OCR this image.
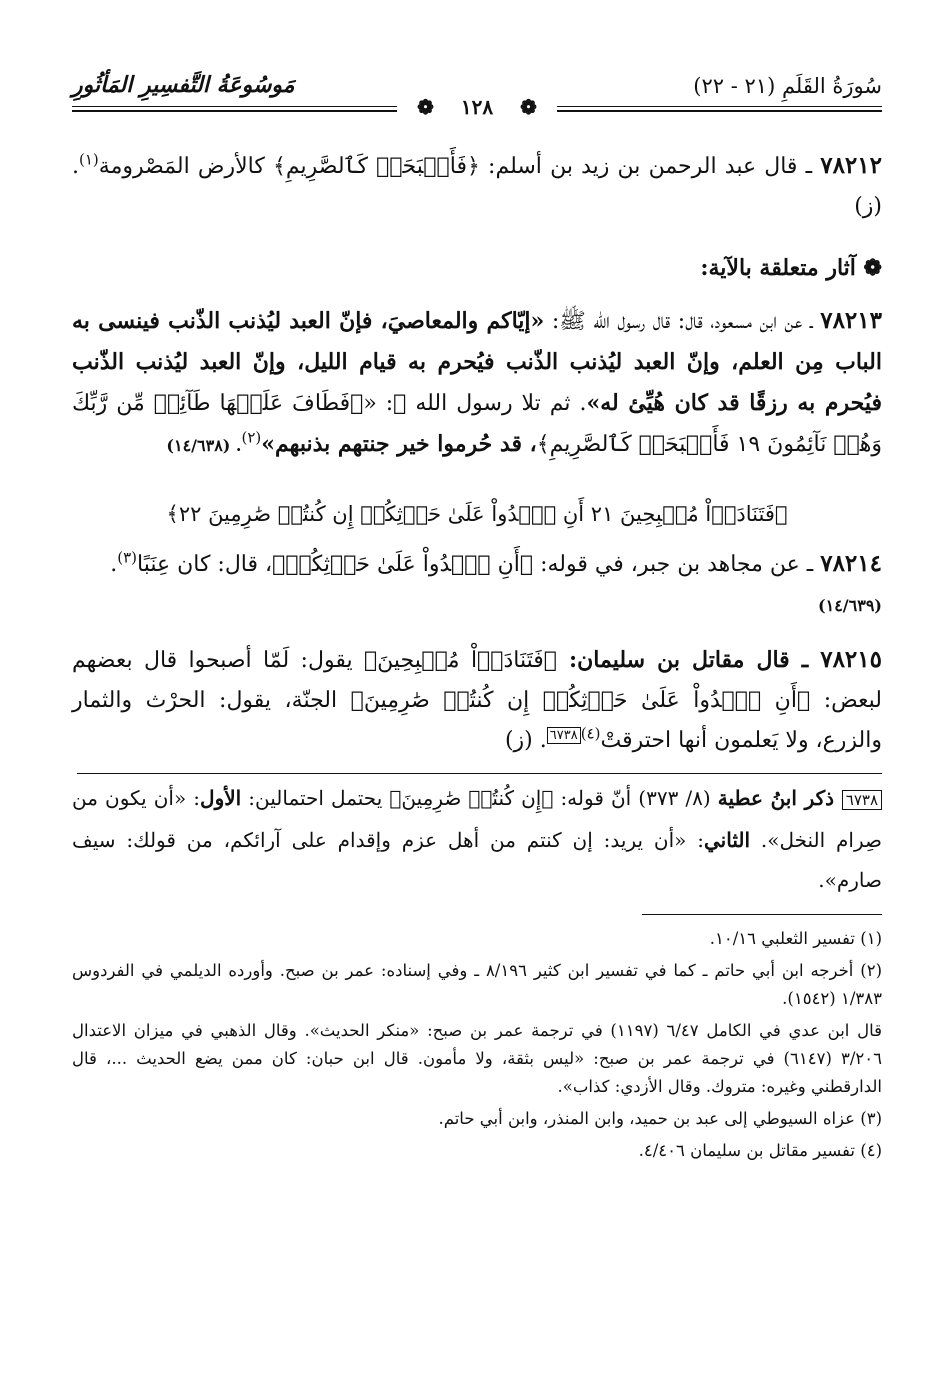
سُورَةُ القَلَمِ (٢١ - ٢٢)
مَوسُوعَةُ التَّفسِيرِ المَأثُورِ
❁ ١٢٨ ❁

٧٨٢١٢ ـ قال عبد الرحمن بن زيد بن أسلم: ﴿فَأَصۡبَحَتۡ كَٱلصَّرِيمِ﴾ كالأرض المَصْرومة$^{(١)}$. (ز)

❁ آثار متعلقة بالآية:

٧٨٢١٣ ـ عن ابن مسعود، قال: قال رسول الله ﷺ: «إيّاكم والمعاصيَ، فإنّ العبد ليُذنب الذّنب فينسى به الباب مِن العلم، وإنّ العبد ليُذنب الذّنب فيُحرم به قيام الليل، وإنّ العبد ليُذنب الذّنب فيُحرم به رزقًا قد كان هُيِّئ له». ثم تلا رسول الله ﷺ: «﴿فَطَافَ عَلَيۡهَا طَآئِفٞ مِّن رَّبِّكَ وَهُمۡ نَآئِمُونَ ١٩ فَأَصۡبَحَتۡ كَٱلصَّرِيمِ﴾، قد حُرموا خير جنتهم بذنبهم»$^{(٢)}$. (١٤/٦٣٨)

﴿فَتَنَادَوۡاْ مُصۡبِحِينَ ٢١ أَنِ ٱغۡدُواْ عَلَىٰ حَرۡثِكُمۡ إِن كُنتُمۡ صَٰرِمِينَ ٢٢﴾

٧٨٢١٤ ـ عن مجاهد بن جبر، في قوله: ﴿أَنِ ٱغۡدُواْ عَلَىٰ حَرۡثِكُمۡ﴾، قال: كان عِنَبًا$^{(٣)}$.
(١٤/٦٣٩)

٧٨٢١٥ ـ قال مقاتل بن سليمان: ﴿فَتَنَادَوۡاْ مُصۡبِحِينَ﴾ يقول: لَمّا أصبحوا قال بعضهم لبعض: ﴿أَنِ ٱغۡدُواْ عَلَىٰ حَرۡثِكُمۡ إِن كُنتُمۡ صَٰرِمِينَ﴾ الجنّة، يقول: الحرْث والثمار والزرع، ولا يَعلمون أنها احترقتْ$^{(٤)٦٧٣٨}$. (ز)

٦٧٣٨ ذكر ابنُ عطية (٨/ ٣٧٣) أنّ قوله: ﴿إِن كُنتُمۡ صَٰرِمِينَ﴾ يحتمل احتمالين: الأول: «أن يكون من صِرام النخل». الثاني: «أن يريد: إن كنتم من أهل عزم وإقدام على آرائكم، من قولك: سيف صارم».

(١) تفسير الثعلبي ١٠/١٦.

(٢) أخرجه ابن أبي حاتم ـ كما في تفسير ابن كثير ٨/١٩٦ ـ وفي إسناده: عمر بن صبح. وأورده الديلمي في الفردوس ١/٣٨٣ (١٥٤٢).

قال ابن عدي في الكامل ٦/٤٧ (١١٩٧) في ترجمة عمر بن صبح: «منكر الحديث». وقال الذهبي في ميزان الاعتدال ٣/٢٠٦ (٦١٤٧) في ترجمة عمر بن صبح: «ليس بثقة، ولا مأمون. قال ابن حبان: كان ممن يضع الحديث ...، قال الدارقطني وغيره: متروك. وقال الأزدي: كذاب».

(٣) عزاه السيوطي إلى عبد بن حميد، وابن المنذر، وابن أبي حاتم.

(٤) تفسير مقاتل بن سليمان ٤/٤٠٦.
